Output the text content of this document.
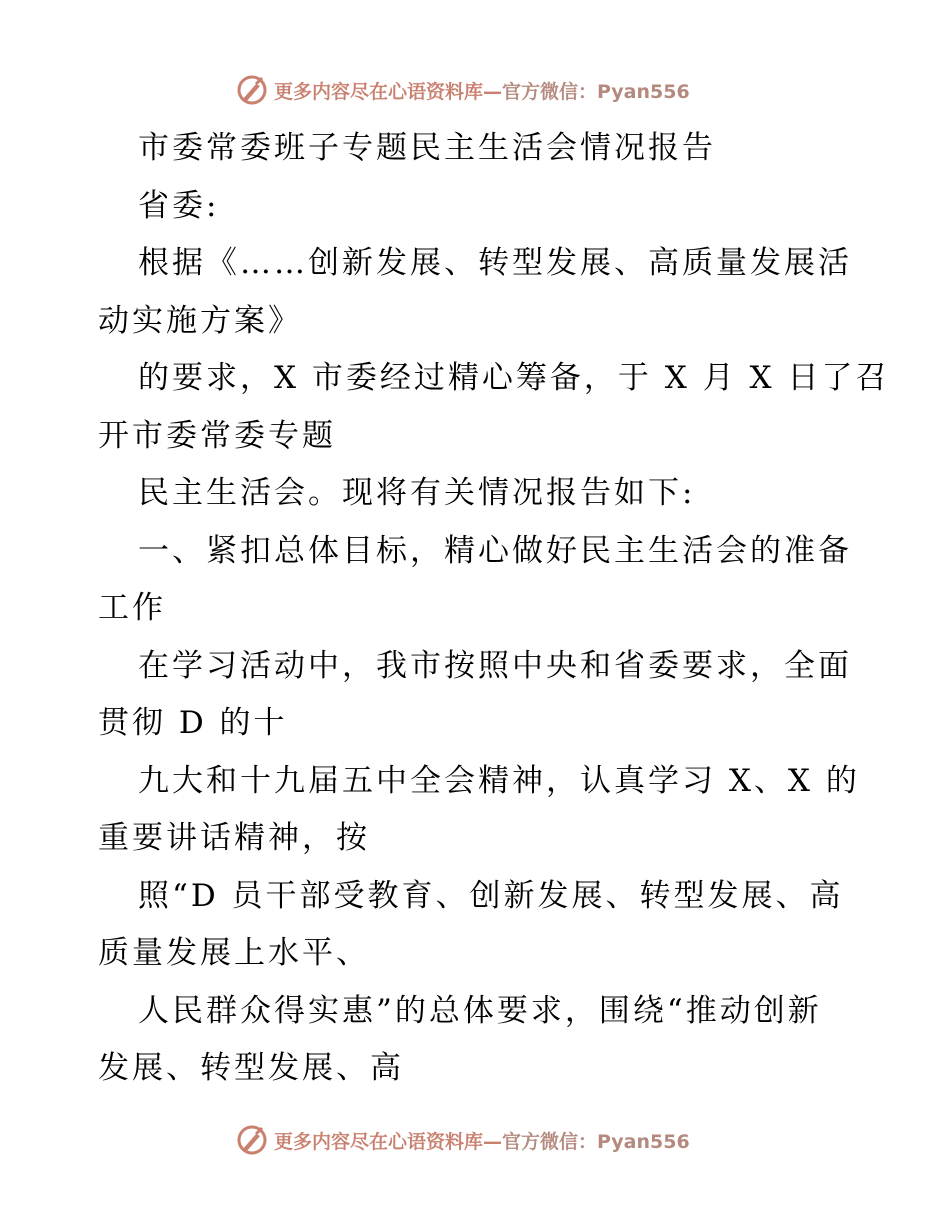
更多内容尽在心语资料库—官方微信：Pyan556
市委常委班子专题民主生活会情况报告
省委:
根据《……创新发展、转型发展、高质量发展活
动实施方案》
的要求，X 市委经过精心筹备，于 X 月 X 日了召
开市委常委专题
民主生活会。现将有关情况报告如下:
一、紧扣总体目标，精心做好民主生活会的准备
工作
在学习活动中，我市按照中央和省委要求，全面
贯彻 D 的十
九大和十九届五中全会精神，认真学习 X、X 的
重要讲话精神，按
照“D 员干部受教育、创新发展、转型发展、高
质量发展上水平、
人民群众得实惠”的总体要求，围绕“推动创新
发展、转型发展、高
更多内容尽在心语资料库—官方微信：Pyan556
